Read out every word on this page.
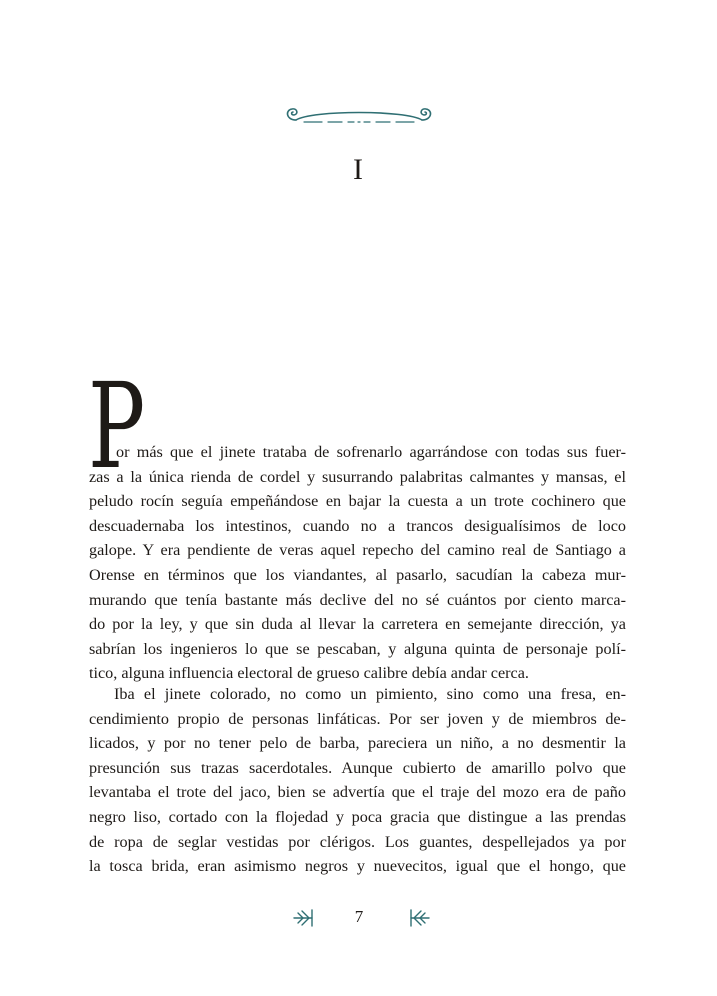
I
P
or más que el jinete trataba de sofrenarlo agarrándose con todas sus fuer-
zas a la única rienda de cordel y susurrando palabritas calmantes y mansas, el
peludo rocín seguía empeñándose en bajar la cuesta a un trote cochinero que
descuadernaba los intestinos, cuando no a trancos desigualísimos de loco
galope. Y era pendiente de veras aquel repecho del camino real de Santiago a
Orense en términos que los viandantes, al pasarlo, sacudían la cabeza mur-
murando que tenía bastante más declive del no sé cuántos por ciento marca-
do por la ley, y que sin duda al llevar la carretera en semejante dirección, ya
sabrían los ingenieros lo que se pescaban, y alguna quinta de personaje polí-
tico, alguna influencia electoral de grueso calibre debía andar cerca.
Iba el jinete colorado, no como un pimiento, sino como una fresa, en-
cendimiento propio de personas linfáticas. Por ser joven y de miembros de-
licados, y por no tener pelo de barba, pareciera un niño, a no desmentir la
presunción sus trazas sacerdotales. Aunque cubierto de amarillo polvo que
levantaba el trote del jaco, bien se advertía que el traje del mozo era de paño
negro liso, cortado con la flojedad y poca gracia que distingue a las prendas
de ropa de seglar vestidas por clérigos. Los guantes, despellejados ya por
la tosca brida, eran asimismo negros y nuevecitos, igual que el hongo, que
7
